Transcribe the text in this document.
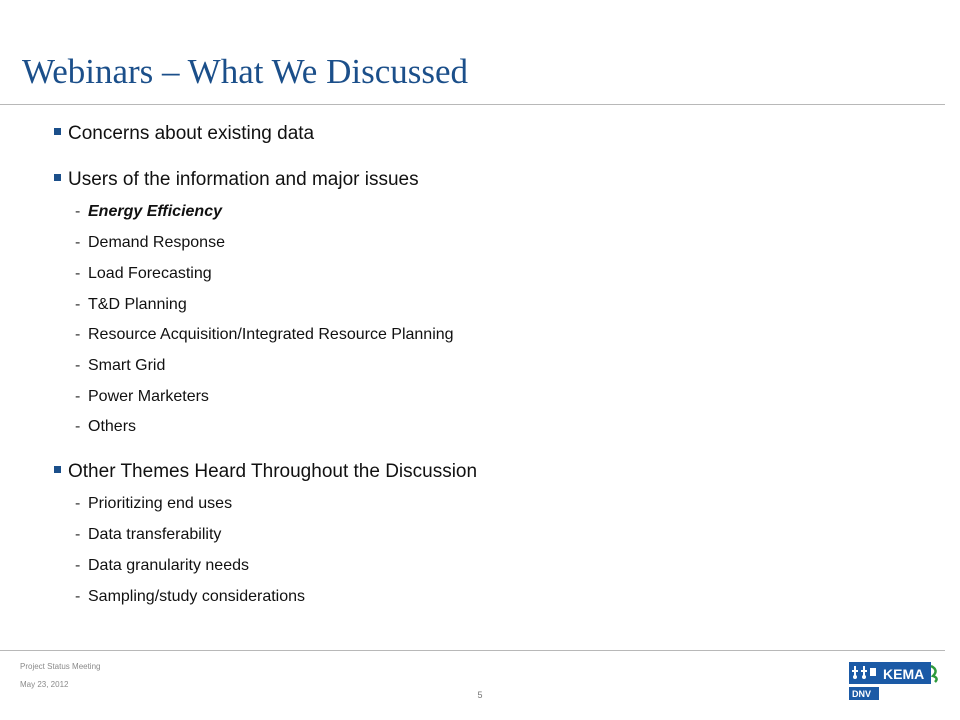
Webinars – What We Discussed
Concerns about existing data
Users of the information and major issues
- Energy Efficiency
- Demand Response
- Load Forecasting
- T&D Planning
- Resource Acquisition/Integrated Resource Planning
- Smart Grid
- Power Marketers
- Others
Other Themes Heard Throughout the Discussion
- Prioritizing end uses
- Data transferability
- Data granularity needs
- Sampling/study considerations
Project Status Meeting
May 23, 2012
5
KEMA
DNV
